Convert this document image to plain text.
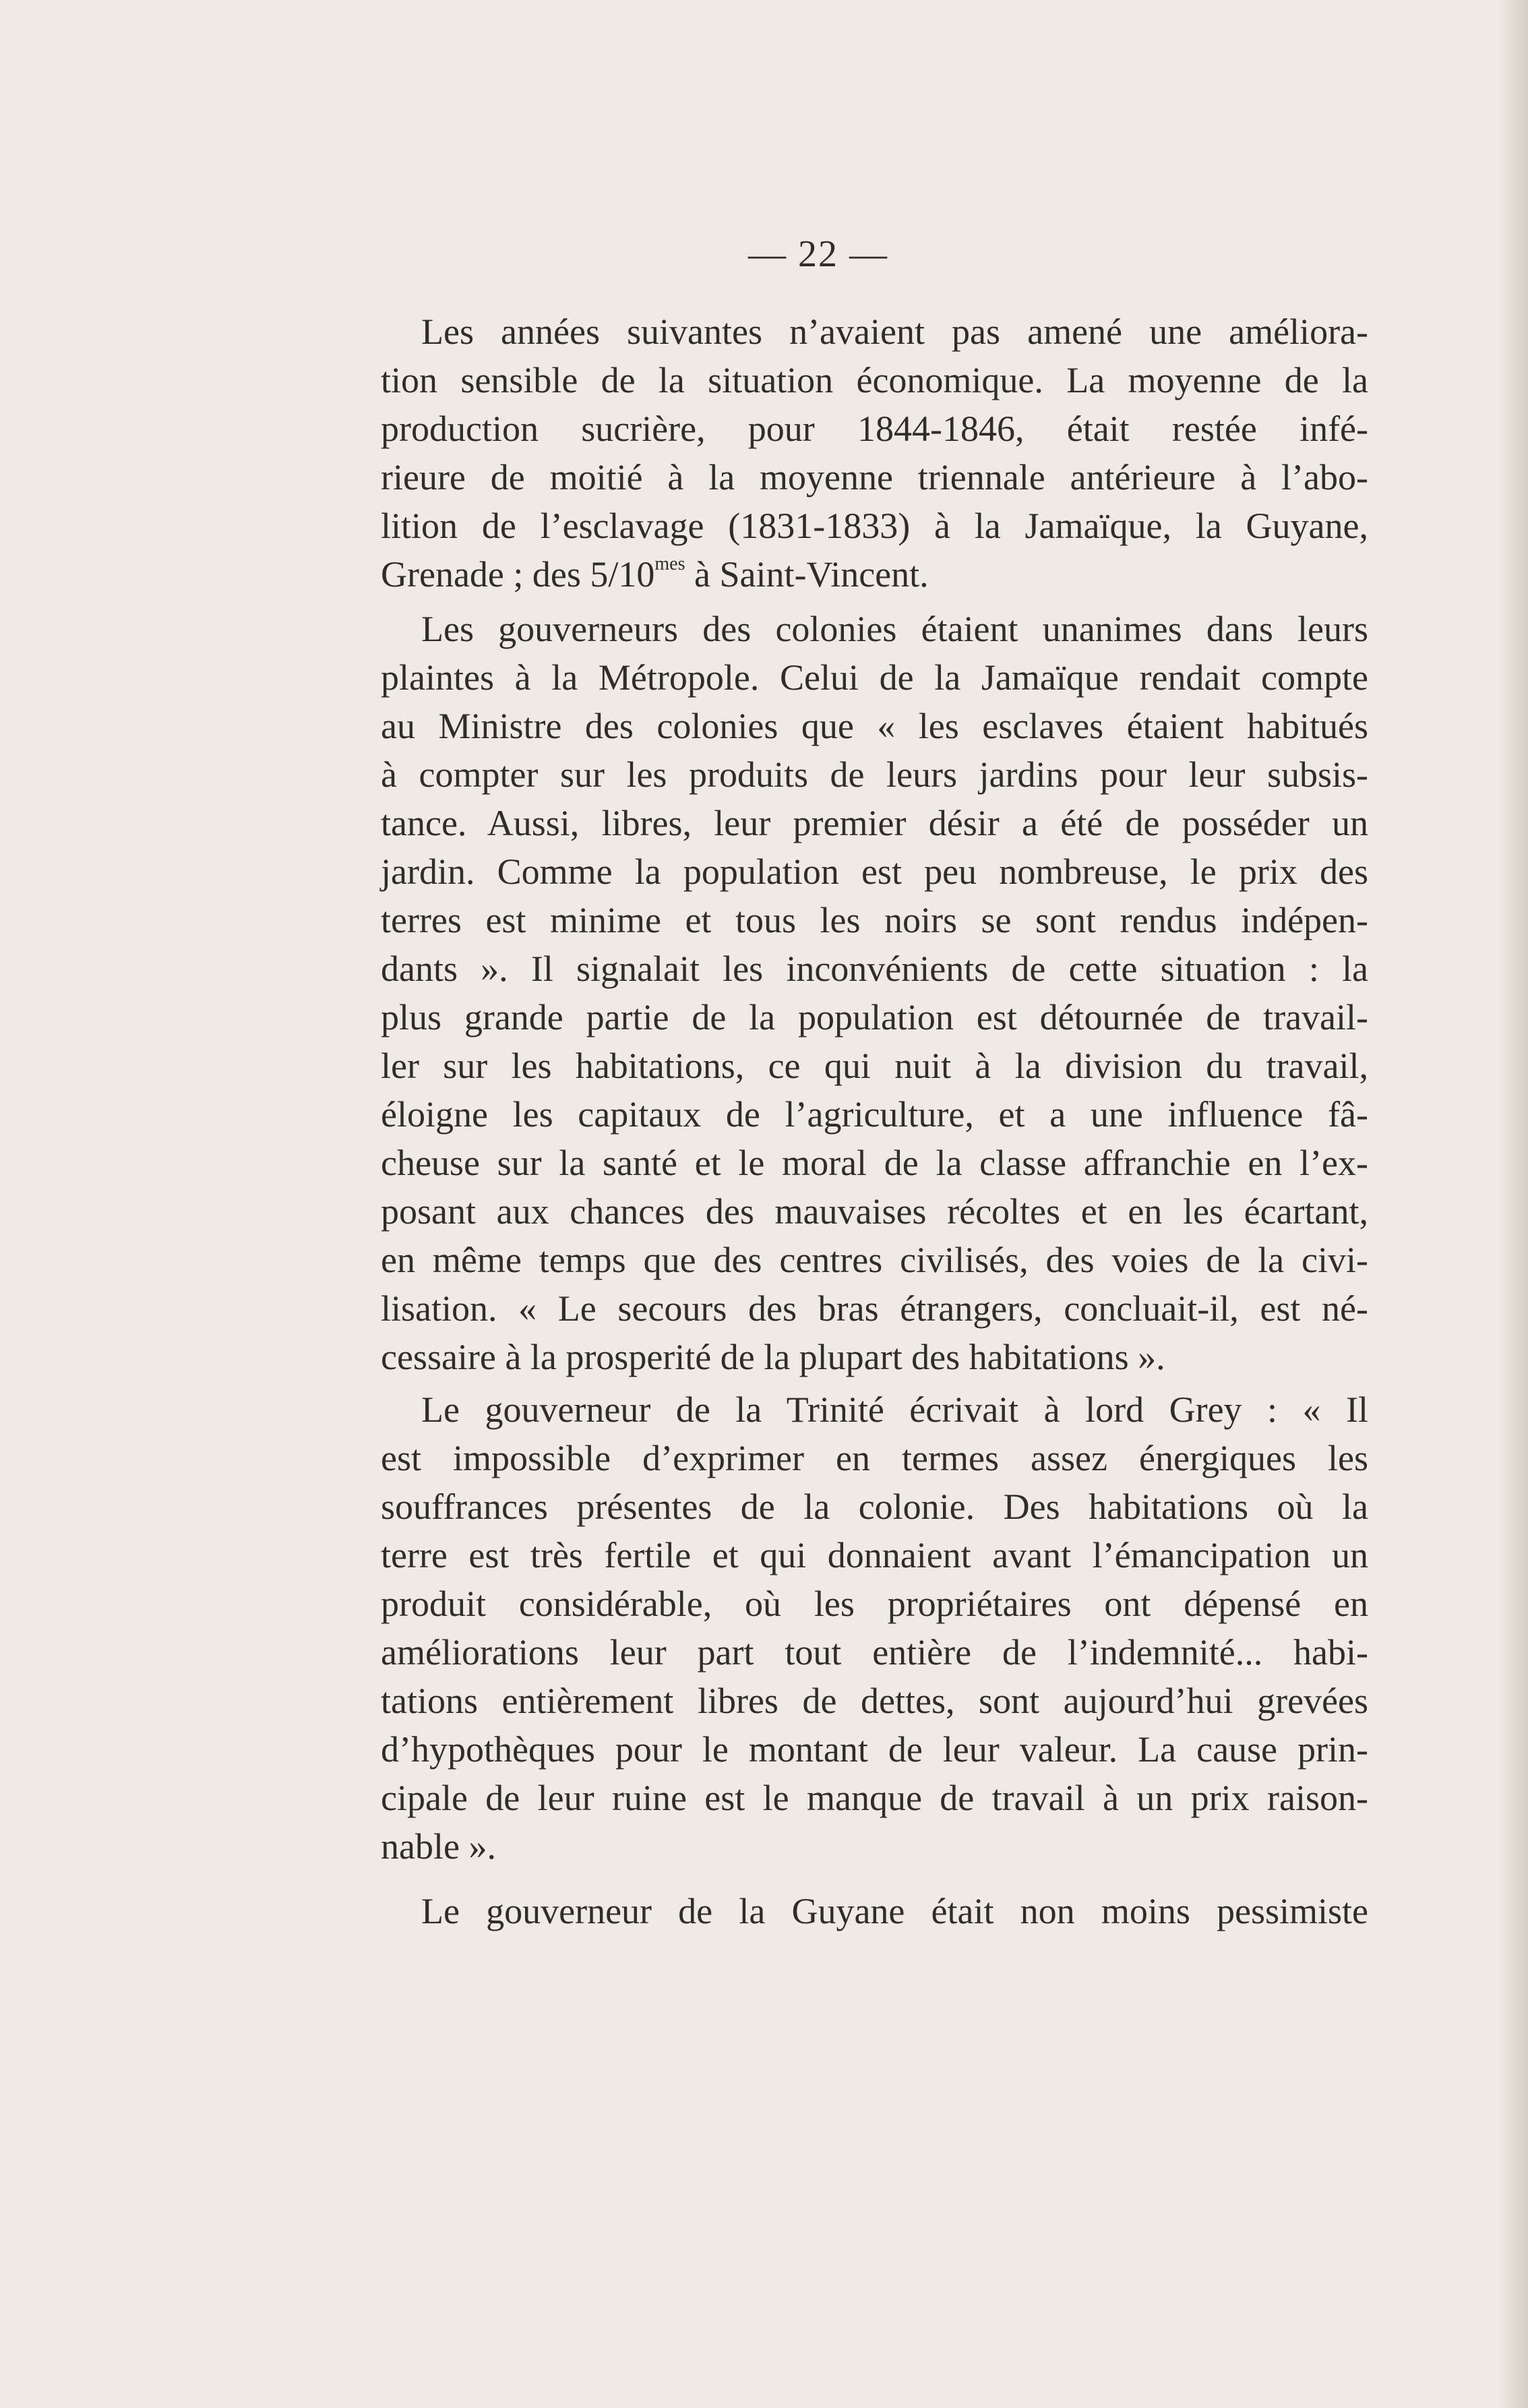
— 22 —
Les années suivantes n’avaient pas amené une améliora-
tion sensible de la situation économique. La moyenne de la
production sucrière, pour 1844-1846, était restée infé-
rieure de moitié à la moyenne triennale antérieure à l’abo-
lition de l’esclavage (1831-1833) à la Jamaïque, la Guyane,
Grenade ; des $5/10^{mes}$ à Saint-Vincent.
Les gouverneurs des colonies étaient unanimes dans leurs
plaintes à la Métropole. Celui de la Jamaïque rendait compte
au Ministre des colonies que « les esclaves étaient habitués
à compter sur les produits de leurs jardins pour leur subsis-
tance. Aussi, libres, leur premier désir a été de posséder un
jardin. Comme la population est peu nombreuse, le prix des
terres est minime et tous les noirs se sont rendus indépen-
dants ». Il signalait les inconvénients de cette situation : la
plus grande partie de la population est détournée de travail-
ler sur les habitations, ce qui nuit à la division du travail,
éloigne les capitaux de l’agriculture, et a une influence fâ-
cheuse sur la santé et le moral de la classe affranchie en l’ex-
posant aux chances des mauvaises récoltes et en les écartant,
en même temps que des centres civilisés, des voies de la civi-
lisation. « Le secours des bras étrangers, concluait-il, est né-
cessaire à la prosperité de la plupart des habitations ».
Le gouverneur de la Trinité écrivait à lord Grey : « Il
est impossible d’exprimer en termes assez énergiques les
souffrances présentes de la colonie. Des habitations où la
terre est très fertile et qui donnaient avant l’émancipation un
produit considérable, où les propriétaires ont dépensé en
améliorations leur part tout entière de l’indemnité... habi-
tations entièrement libres de dettes, sont aujourd’hui grevées
d’hypothèques pour le montant de leur valeur. La cause prin-
cipale de leur ruine est le manque de travail à un prix raison-
nable ».
Le gouverneur de la Guyane était non moins pessimiste
